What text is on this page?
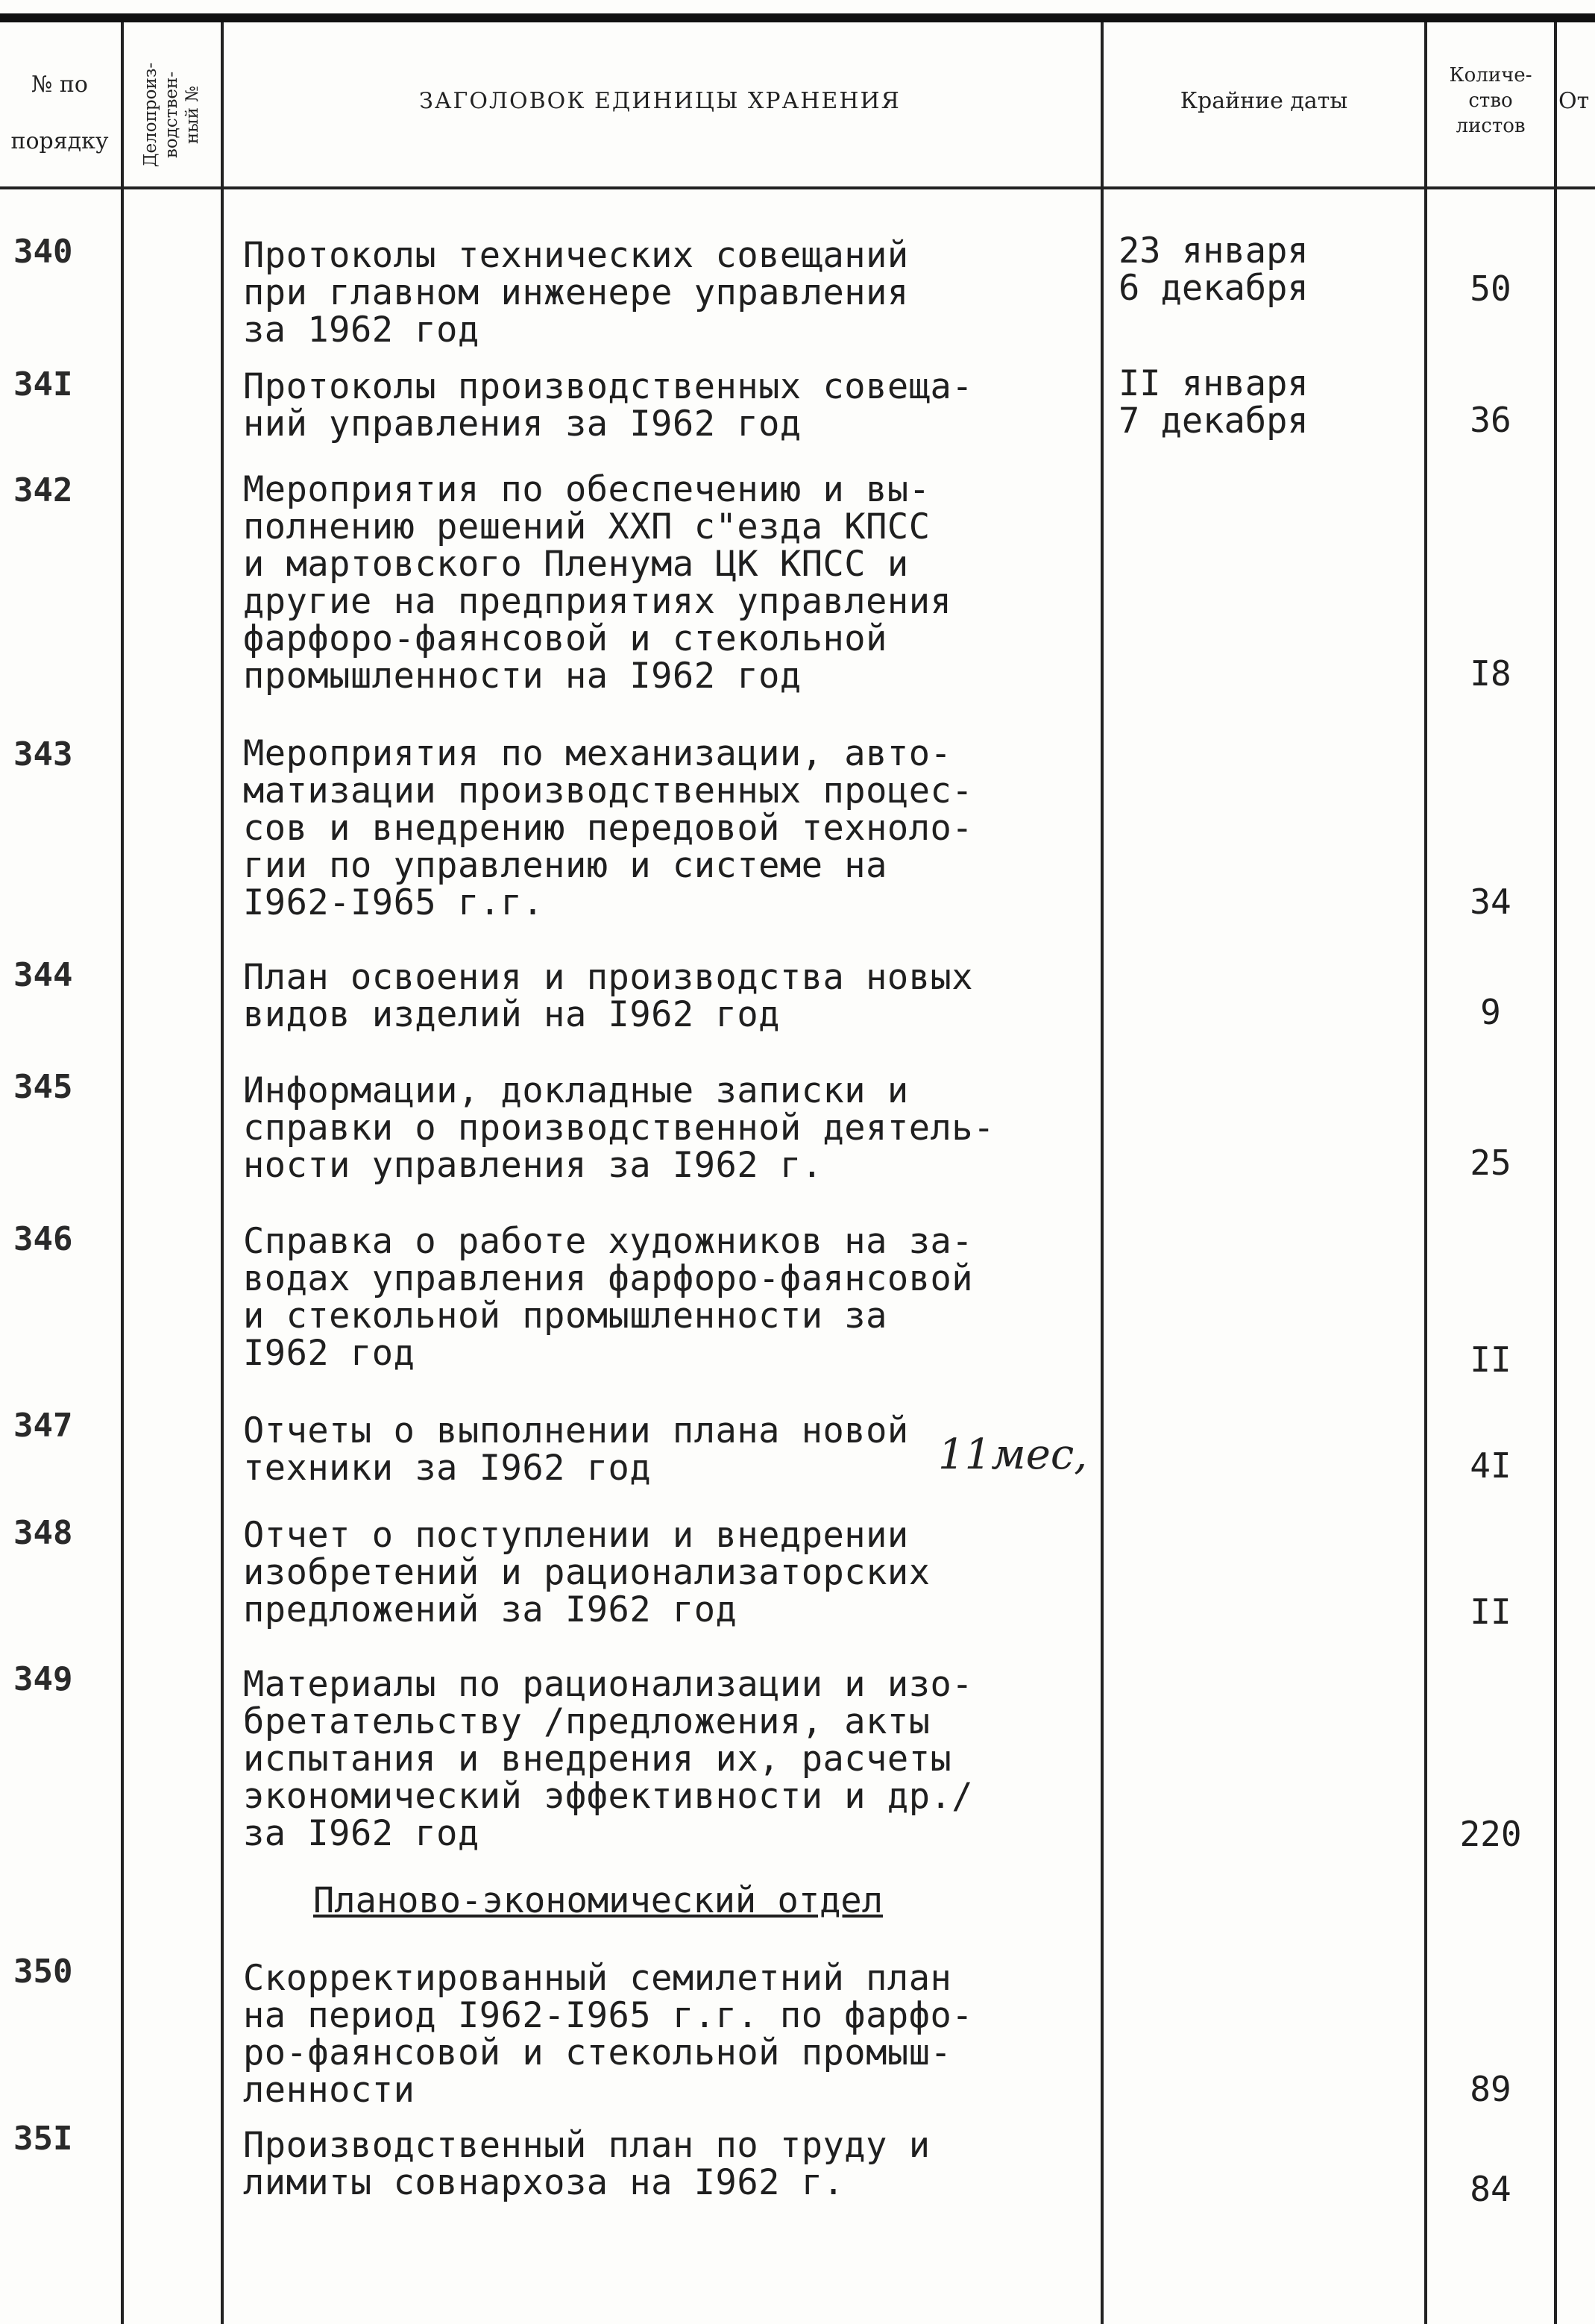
№ по
порядку	Делопроиз-
водствен-
ный №	ЗАГОЛОВОК ЕДИНИЦЫ ХРАНЕНИЯ	Крайние даты
Количе-
ство
листов
От
340	Протоколы технических совещаний
при главном инженере управления
за 1962 год
23 января
6 декабря	50
34I	Протоколы производственных совеща-
ний управления за I962 год
II января
7 декабря	36
342	Мероприятия по обеспечению и вы-
полнению решений XXП с"езда КПСС
и мартовского Пленума ЦК КПСС и
другие на предприятиях управления
фарфоро-фаянсовой и стекольной
промышленности на I962 год	I8
343	Мероприятия по механизации, авто-
матизации производственных процес-
сов и внедрению передовой техноло-
гии по управлению и системе на
I962-I965 г.г.	34
344	План освоения и производства новых
видов изделий на I962 год	9
345	Информации, докладные записки и
справки о производственной деятель-
ности управления за I962 г.	25
346	Справка о работе художников на за-
водах управления фарфоро-фаянсовой
и стекольной промышленности за
I962 год	II
347	Отчеты о выполнении плана новой
техники за I962 год	11мес,	4I
348	Отчет о поступлении и внедрении
изобретений и рационализаторских
предложений за I962 год	II
349	Материалы по рационализации и изо-
бретательству /предложения, акты
испытания и внедрения их, расчеты
экономический эффективности и др./
за I962 год	220
Планово-экономический отдел
350	Скорректированный семилетний план
на период I962-I965 г.г. по фарфо-
ро-фаянсовой и стекольной промыш-
ленности	89
35I	Производственный план по труду и
лимиты совнархоза на I962 г.	84
